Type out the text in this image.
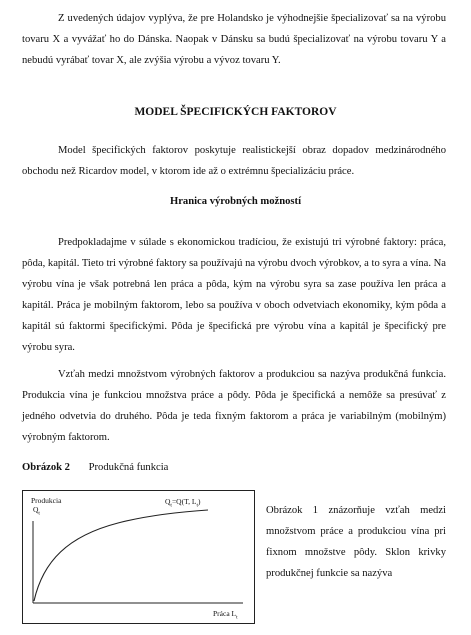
Z uvedených údajov vyplýva, že pre Holandsko je výhodnejšie špecializovať sa na výrobu tovaru X a vyvážať ho do Dánska. Naopak v Dánsku sa budú špecializovať na výrobu tovaru Y a nebudú vyrábať tovar X, ale zvýšia výrobu a vývoz tovaru Y.

MODEL ŠPECIFICKÝCH FAKTOROV

Model špecifických faktorov poskytuje realistickejší obraz dopadov medzinárodného obchodu než Ricardov model, v ktorom ide až o extrémnu špecializáciu práce.

Hranica výrobných možností

Predpokladajme v súlade s ekonomickou tradíciou, že existujú tri výrobné faktory: práca, pôda, kapitál. Tieto tri výrobné faktory sa používajú na výrobu dvoch výrobkov, a to syra a vína. Na výrobu vína je však potrebná len práca a pôda, kým na výrobu syra sa zase používa len práca a kapitál. Práca je mobilným faktorom, lebo sa používa v oboch odvetviach ekonomiky, kým pôda a kapitál sú faktormi špecifickými. Pôda je špecifická pre výrobu vína a kapitál je špecifický pre výrobu syra.

Vzťah medzi množstvom výrobných faktorov a produkciou sa nazýva produkčná funkcia. Produkcia vína je funkciou množstva práce a pôdy. Pôda je špecifická a nemôže sa presúvať z jedného odvetvia do druhého. Pôda je teda fixným faktorom a práca je variabilným (mobilným) výrobným faktorom.

Obrázok 2 Produkčná funkcia
Produkcia
$Q_t$
$Q_t=Q(T$, $L_t$)
Práca $L_t$

Obrázok 1 znázorňuje vzťah medzi množstvom práce a produkciou vína pri fixnom množstve pôdy. Sklon krivky produkčnej funkcie sa nazýva
